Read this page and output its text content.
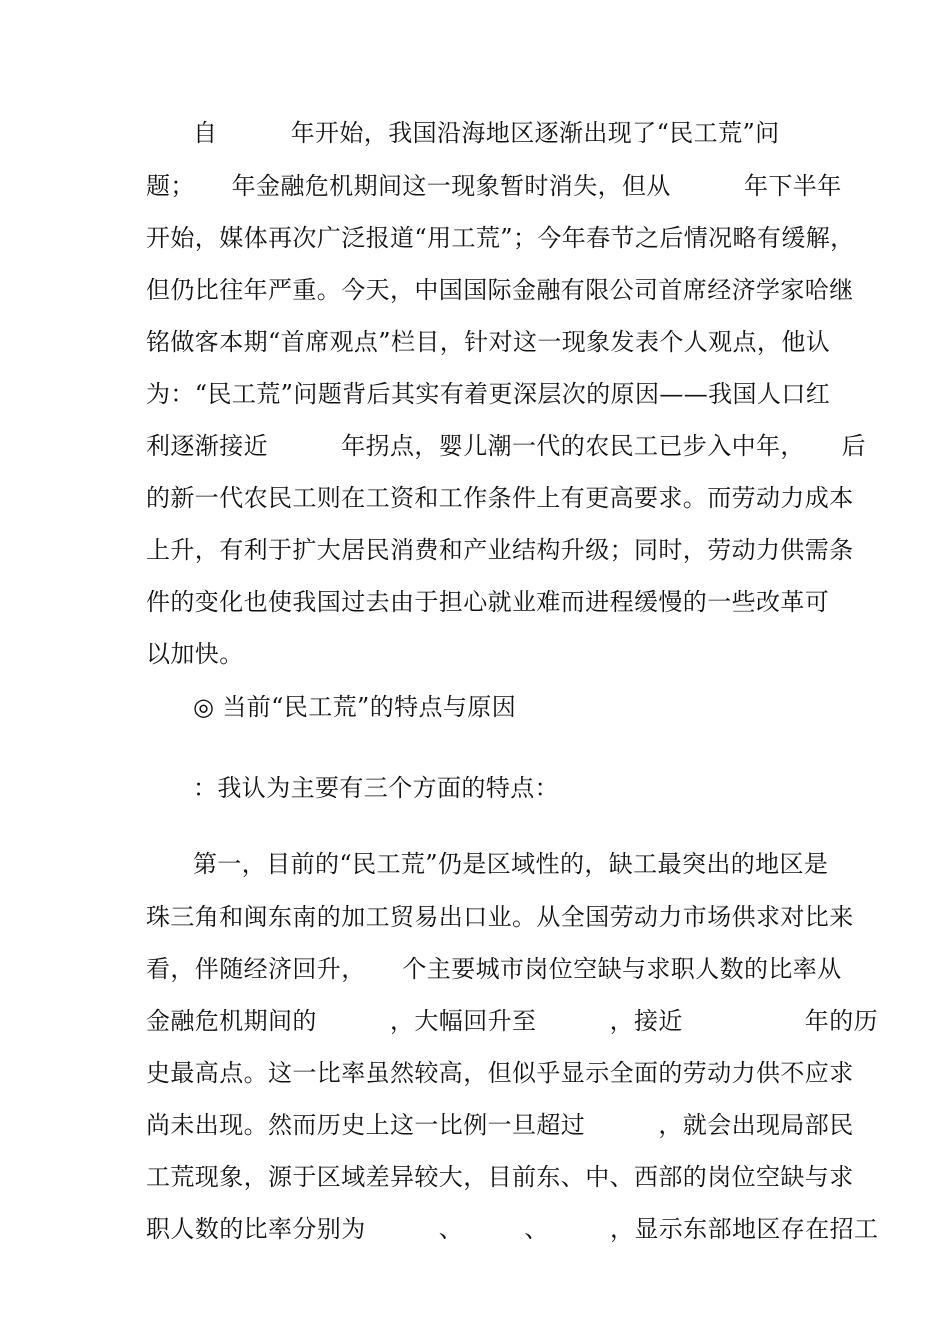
自　　　年开始，我国沿海地区逐渐出现了“民工荒”问
题；　　年金融危机期间这一现象暂时消失，但从　　　年下半年
开始，媒体再次广泛报道“用工荒”；今年春节之后情况略有缓解，
但仍比往年严重。今天，中国国际金融有限公司首席经济学家哈继
铭做客本期“首席观点”栏目，针对这一现象发表个人观点，他认
为：“民工荒”问题背后其实有着更深层次的原因——我国人口红
利逐渐接近　　　年拐点，婴儿潮一代的农民工已步入中年，　　后
的新一代农民工则在工资和工作条件上有更高要求。而劳动力成本
上升，有利于扩大居民消费和产业结构升级；同时，劳动力供需条
件的变化也使我国过去由于担心就业难而进程缓慢的一些改革可
以加快。
◎ 当前“民工荒”的特点与原因
：我认为主要有三个方面的特点：
第一，目前的“民工荒”仍是区域性的，缺工最突出的地区是
珠三角和闽东南的加工贸易出口业。从全国劳动力市场供求对比来
看，伴随经济回升，　　个主要城市岗位空缺与求职人数的比率从
金融危机期间的　　　，大幅回升至　　　，接近　　　　　年的历
史最高点。这一比率虽然较高，但似乎显示全面的劳动力供不应求
尚未出现。然而历史上这一比例一旦超过　　　，就会出现局部民
工荒现象，源于区域差异较大，目前东、中、西部的岗位空缺与求
职人数的比率分别为　　　、　　　、　　　，显示东部地区存在招工
